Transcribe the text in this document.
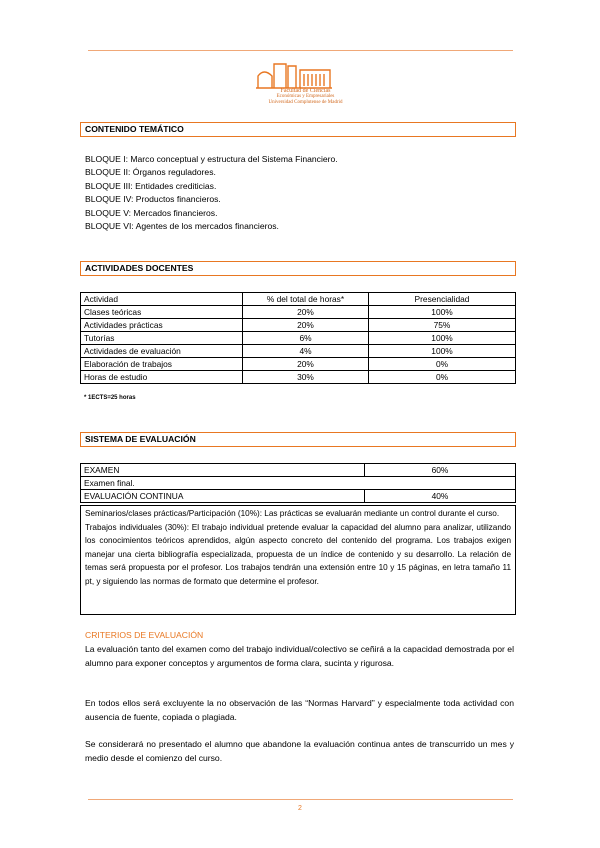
Facultad de Ciencias
Económicas y Empresariales
Universidad Complutense de Madrid
CONTENIDO TEMÁTICO
BLOQUE I: Marco conceptual y estructura del Sistema Financiero.
BLOQUE II: Órganos reguladores.
BLOQUE III: Entidades crediticias.
BLOQUE IV: Productos financieros.
BLOQUE V: Mercados financieros.
BLOQUE VI: Agentes de los mercados financieros.
ACTIVIDADES DOCENTES
Actividad	% del total de horas*	Presencialidad
Clases teóricas	20%	100%
Actividades prácticas	20%	75%
Tutorías	6%	100%
Actividades de evaluación	4%	100%
Elaboración de trabajos	20%	0%
Horas de estudio	30%	0%
* 1ECTS=25 horas
SISTEMA DE EVALUACIÓN
EXAMEN	60%
Examen final.	
EVALUACIÓN CONTINUA	40%
Seminarios/clases prácticas/Participación (10%): Las prácticas se evaluarán mediante un control durante el curso.
Trabajos individuales (30%): El trabajo individual pretende evaluar la capacidad del alumno para analizar, utilizando los conocimientos teóricos aprendidos, algún aspecto concreto del contenido del programa. Los trabajos exigen manejar una cierta bibliografía especializada, propuesta de un índice de contenido y su desarrollo. La relación de temas será propuesta por el profesor. Los trabajos tendrán una extensión entre 10 y 15 páginas, en letra tamaño 11 pt, y siguiendo las normas de formato que determine el profesor.
CRITERIOS DE EVALUACIÓN
La evaluación tanto del examen como del trabajo individual/colectivo se ceñirá a la capacidad demostrada por el alumno para exponer conceptos y argumentos de forma clara, sucinta y rigurosa.
En todos ellos será excluyente la no observación de las “Normas Harvard” y especialmente toda actividad con ausencia de fuente, copiada o plagiada.
Se considerará no presentado el alumno que abandone la evaluación continua antes de transcurrido un mes y medio desde el comienzo del curso.
2
